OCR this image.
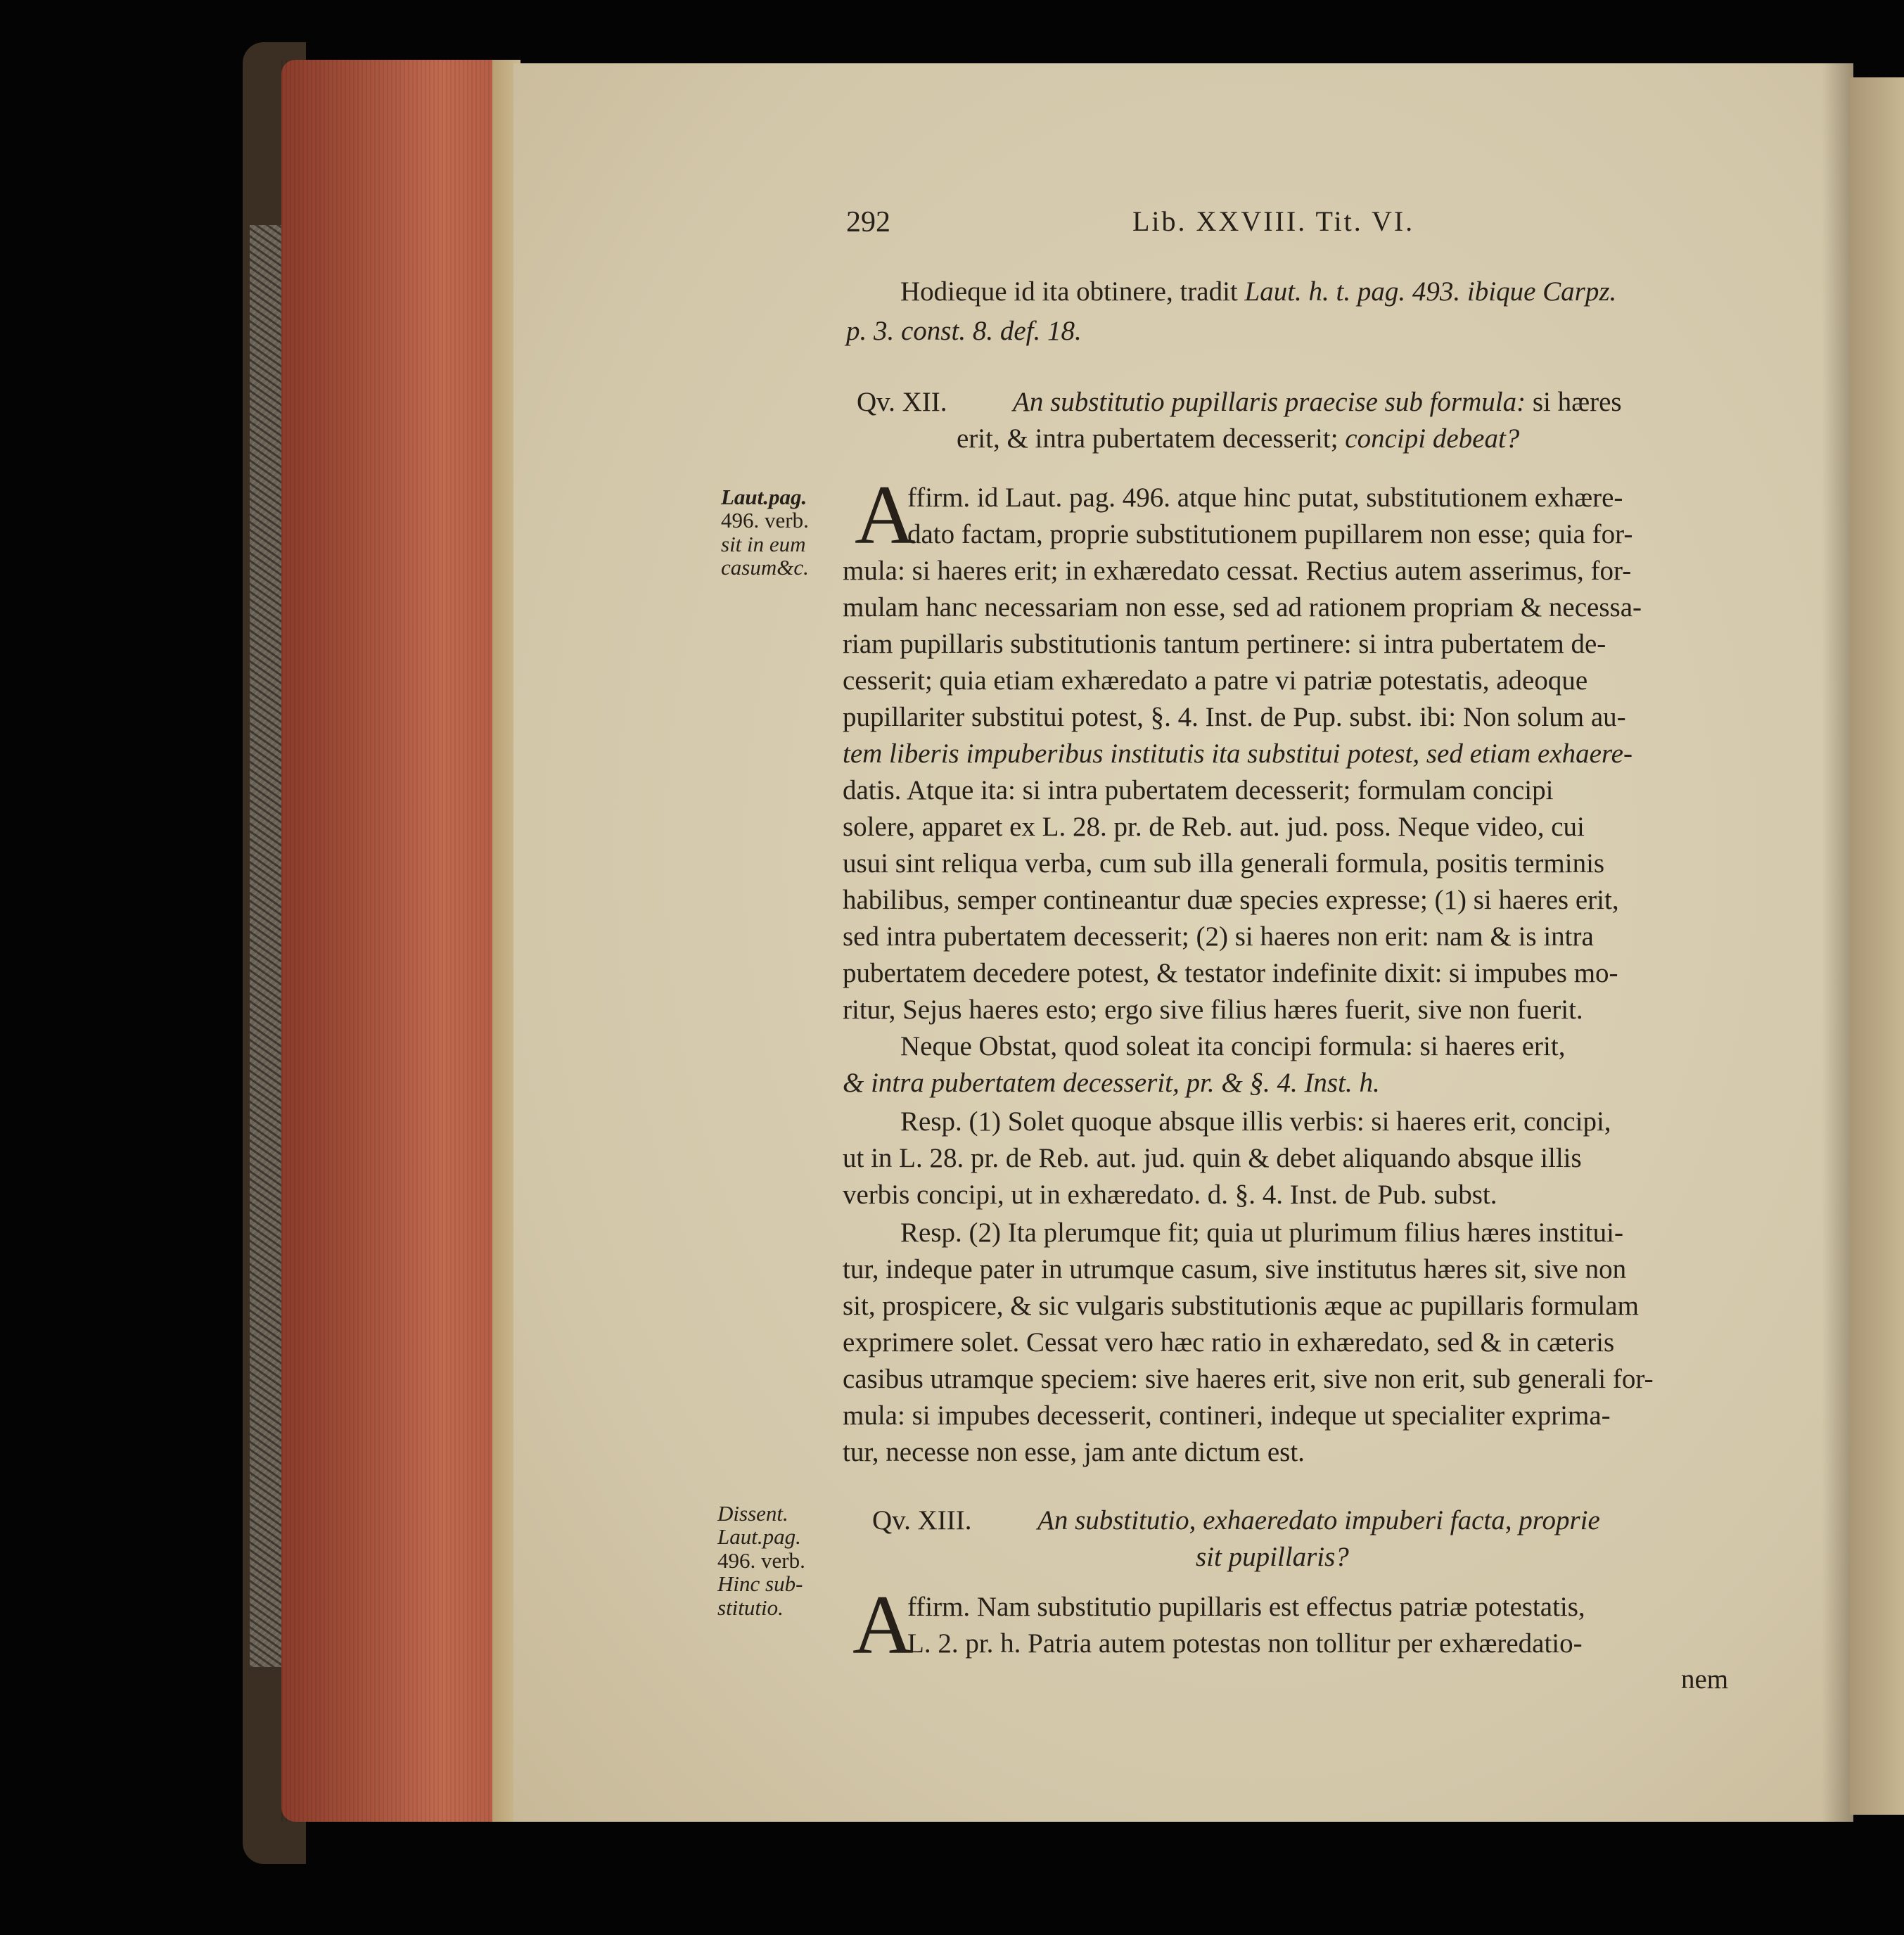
292	Lib. XXVIII. Tit. VI.
Hodieque id ita obtinere, tradit Laut. h. t. pag. 493. ibique Carpz.
p. 3. const. 8. def. 18.
Qv. XII. An substitutio pupillaris praecise sub formula: si hæres
erit, & intra pubertatem decesserit; concipi debeat?
Laut.pag.
496. verb.
sit in eum
casum&c.
A
ffirm. id Laut. pag. 496. atque hinc putat, substitutionem exhære-
dato factam, proprie substitutionem pupillarem non esse; quia for-
mula: si haeres erit; in exhæredato cessat. Rectius autem asserimus, for-
mulam hanc necessariam non esse, sed ad rationem propriam & necessa-
riam pupillaris substitutionis tantum pertinere: si intra pubertatem de-
cesserit; quia etiam exhæredato a patre vi patriæ potestatis, adeoque
pupillariter substitui potest, §. 4. Inst. de Pup. subst. ibi: Non solum au-
tem liberis impuberibus institutis ita substitui potest, sed etiam exhaere-
datis. Atque ita: si intra pubertatem decesserit; formulam concipi
solere, apparet ex L. 28. pr. de Reb. aut. jud. poss. Neque video, cui
usui sint reliqua verba, cum sub illa generali formula, positis terminis
habilibus, semper contineantur duæ species expresse; (1) si haeres erit,
sed intra pubertatem decesserit; (2) si haeres non erit: nam & is intra
pubertatem decedere potest, & testator indefinite dixit: si impubes mo-
ritur, Sejus haeres esto; ergo sive filius hæres fuerit, sive non fuerit.
Neque Obstat, quod soleat ita concipi formula: si haeres erit,
& intra pubertatem decesserit, pr. & §. 4. Inst. h.
Resp. (1) Solet quoque absque illis verbis: si haeres erit, concipi,
ut in L. 28. pr. de Reb. aut. jud. quin & debet aliquando absque illis
verbis concipi, ut in exhæredato. d. §. 4. Inst. de Pub. subst.
Resp. (2) Ita plerumque fit; quia ut plurimum filius hæres institui-
tur, indeque pater in utrumque casum, sive institutus hæres sit, sive non
sit, prospicere, & sic vulgaris substitutionis æque ac pupillaris formulam
exprimere solet. Cessat vero hæc ratio in exhæredato, sed & in cæteris
casibus utramque speciem: sive haeres erit, sive non erit, sub generali for-
mula: si impubes decesserit, contineri, indeque ut specialiter exprima-
tur, necesse non esse, jam ante dictum est.
Qv. XIII. An substitutio, exhaeredato impuberi facta, proprie
sit pupillaris?
Dissent.
Laut.pag.
496. verb.
Hinc sub-
stitutio. A
ffirm. Nam substitutio pupillaris est effectus patriæ potestatis,
L. 2. pr. h. Patria autem potestas non tollitur per exhæredatio-
nem
